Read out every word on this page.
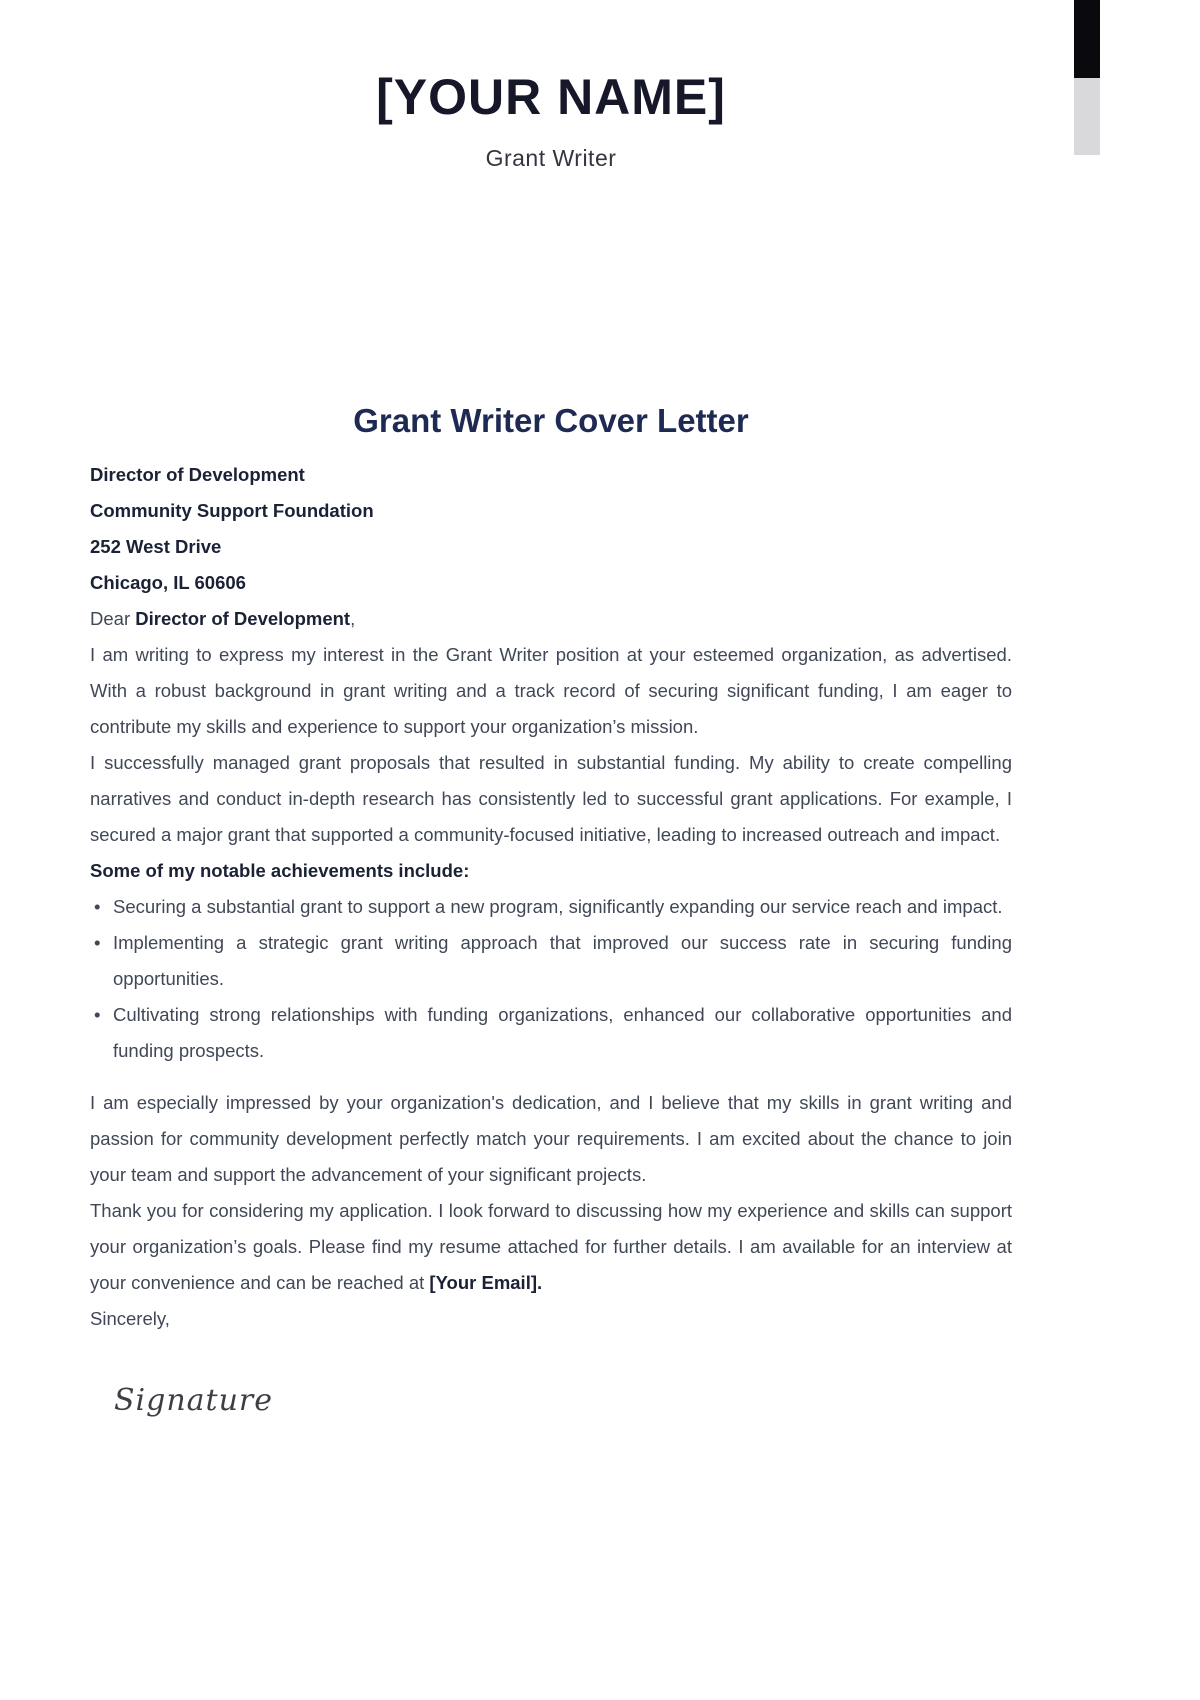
[YOUR NAME]
Grant Writer
Grant Writer Cover Letter

Director of Development

Community Support Foundation

252 West Drive

Chicago, IL 60606

Dear Director of Development,

I am writing to express my interest in the Grant Writer position at your esteemed organization, as advertised. With a robust background in grant writing and a track record of securing significant funding, I am eager to contribute my skills and experience to support your organization’s mission.

I successfully managed grant proposals that resulted in substantial funding. My ability to create compelling narratives and conduct in-depth research has consistently led to successful grant applications. For example, I secured a major grant that supported a community-focused initiative, leading to increased outreach and impact.

Some of my notable achievements include:

• Securing a substantial grant to support a new program, significantly expanding our service reach and impact.
• Implementing a strategic grant writing approach that improved our success rate in securing funding opportunities.
• Cultivating strong relationships with funding organizations, enhanced our collaborative opportunities and funding prospects.

I am especially impressed by your organization's dedication, and I believe that my skills in grant writing and passion for community development perfectly match your requirements. I am excited about the chance to join your team and support the advancement of your significant projects.

Thank you for considering my application. I look forward to discussing how my experience and skills can support your organization’s goals. Please find my resume attached for further details. I am available for an interview at your convenience and can be reached at [Your Email].

Sincerely,

Signature
